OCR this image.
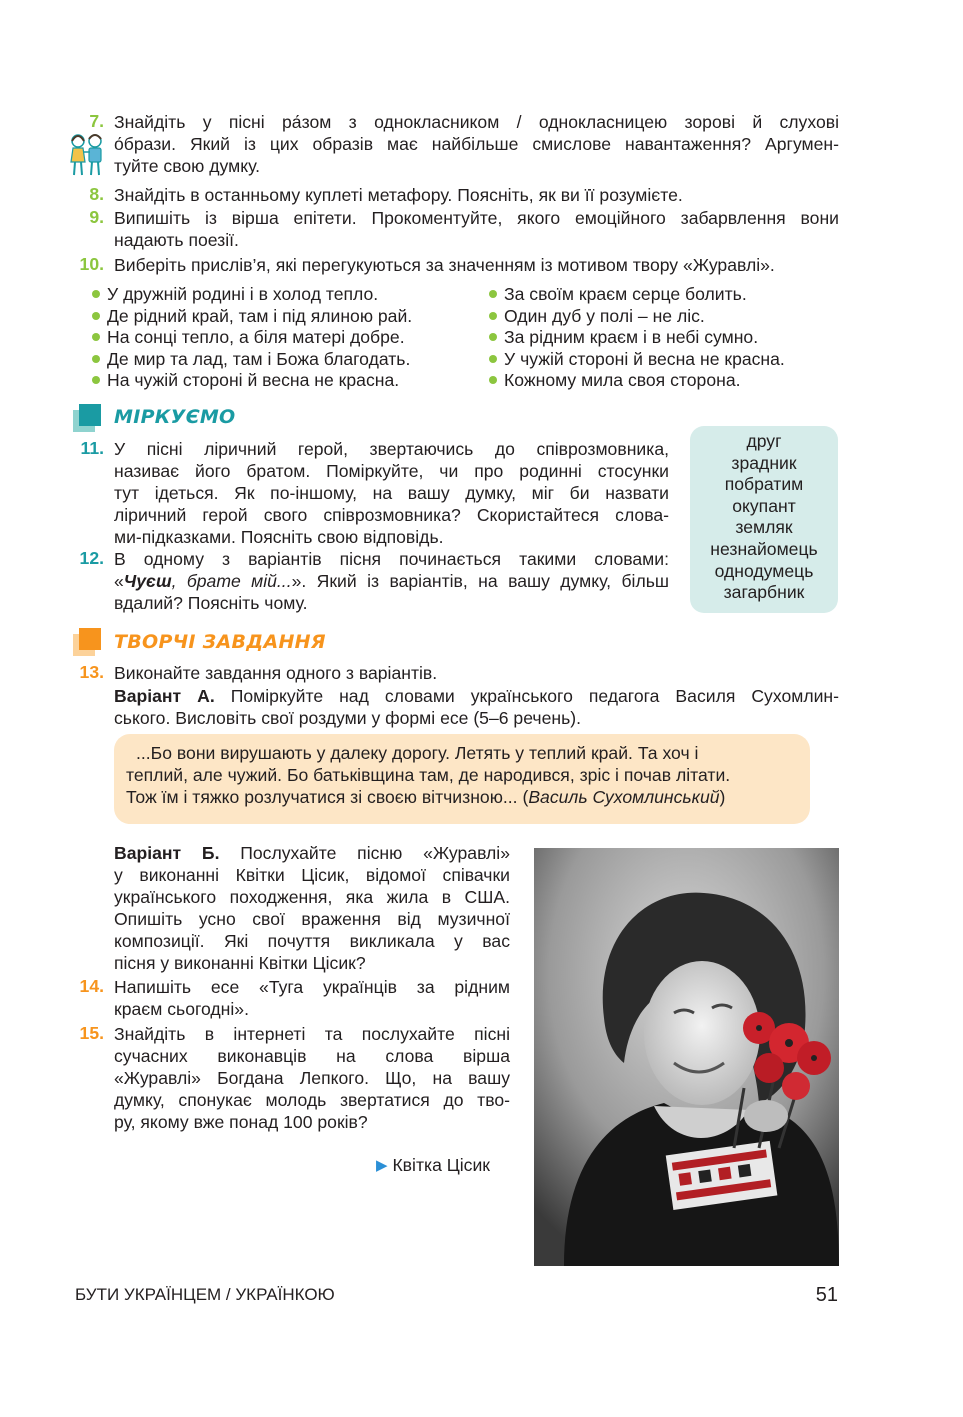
7. Знайдіть у пісні ра́зом з однокласником / однокласницею зорові й слухові
о́брази. Який із цих образів має найбільше смислове навантаження? Аргумен-
туйте свою думку.
8. Знайдіть в останньому куплеті метафору. Поясніть, як ви її розумієте.
9. Випишіть із вірша епітети. Прокоментуйте, якого емоційного забарвлення вони
надають поезії.
10. Виберіть прислів’я, які перегукуються за значенням із мотивом твору «Журавлі».
У дружній родині і в холод тепло.
Де рідний край, там і під ялиною рай.
На сонці тепло, а біля матері добре.
Де мир та лад, там і Божа благодать.
На чужій стороні й весна не красна.
За своїм краєм серце болить.
Один дуб у полі – не ліс.
За рідним краєм і в небі сумно.
У чужій стороні й весна не красна.
Кожному мила своя сторона.
МІРКУЄМО
11. У пісні ліричний герой, звертаючись до співрозмовника,
називає його братом. Поміркуйте, чи про родинні стосунки
тут ідеться. Як по-іншому, на вашу думку, міг би назвати
ліричний герой свого співрозмовника? Скористайтеся слова-
ми-підказками. Поясніть свою відповідь.
12. В одному з варіантів пісня починається такими словами:
«Чуєш, брате мій...». Який із варіантів, на вашу думку, більш
вдалий? Поясніть чому.
друг
зрадник
побратим
окупант
земляк
незнайомець
однодумець
загарбник
ТВОРЧІ ЗАВДАННЯ
13. Виконайте завдання одного з варіантів.
Варіант А. Поміркуйте над словами українського педагога Василя Сухомлин-
ського. Висловіть свої роздуми у формі есе (5–6 речень).
...Бо вони вирушають у далеку дорогу. Летять у теплий край. Та хоч і
теплий, але чужий. Бо батьківщина там, де народився, зріс і почав літати.
Тож їм і тяжко розлучатися зі своєю вітчизною... (Василь Сухомлинський)
Варіант Б. Послухайте пісню «Журавлі»
у виконанні Квітки Цісик, відомої співачки
українського походження, яка жила в США.
Опишіть усно свої враження від музичної
композиції. Які почуття викликала у вас
пісня у виконанні Квітки Цісик?
14. Напишіть есе «Туга українців за рідним
краєм сьогодні».
15. Знайдіть в інтернеті та послухайте пісні
сучасних виконавців на слова вірша
«Журавлі» Богдана Лепкого. Що, на вашу
думку, спонукає молодь звертатися до тво-
ру, якому вже понад 100 років?
▶ Квітка Цісик
БУТИ УКРАЇНЦЕМ / УКРАЇНКОЮ	51
